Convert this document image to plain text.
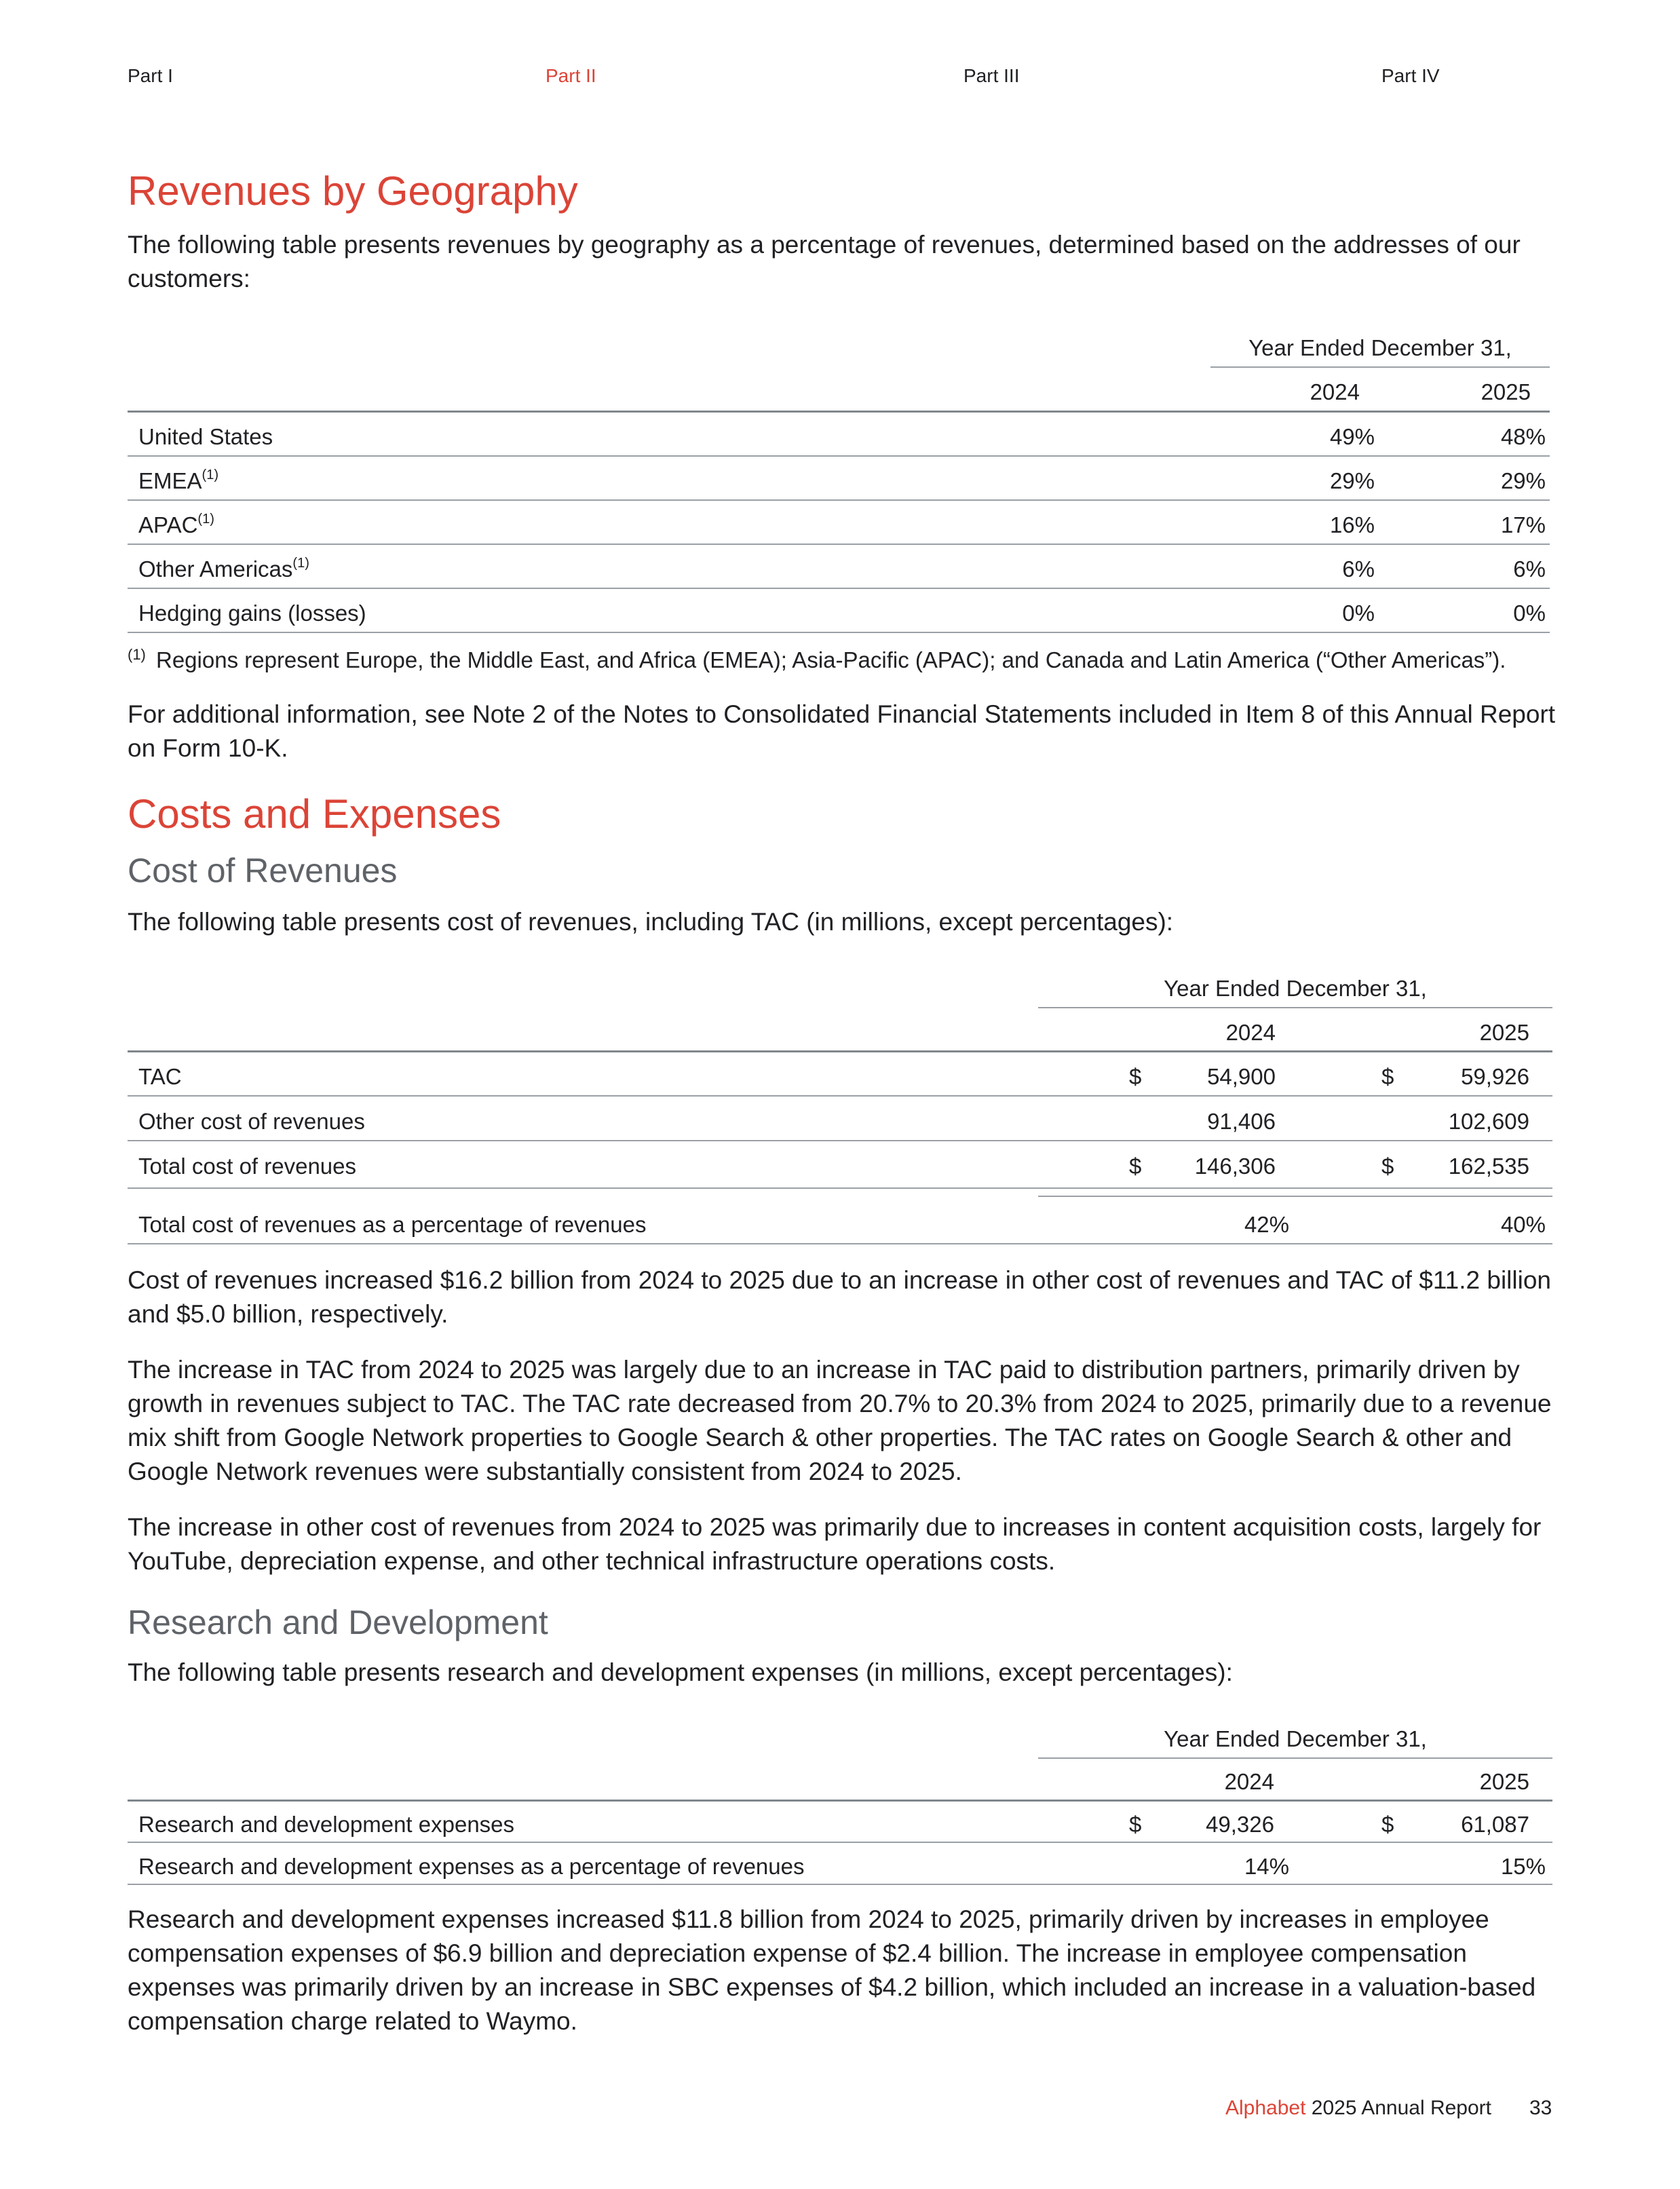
Part I	Part II	Part III	Part IV
Revenues by Geography

The following table presents revenues by geography as a percentage of revenues, determined based on the addresses of our customers:

Year Ended December 31,
2024	2025
United States	49%	48%
EMEA$^{(1)}$	29%	29%
APAC$^{(1)}$	16%	17%
Other Americas$^{(1)}$	6%	6%
Hedging gains (losses)	0%	0%
(1) Regions represent Europe, the Middle East, and Africa (EMEA); Asia-Pacific (APAC); and Canada and Latin America (“Other Americas”).

For additional information, see Note 2 of the Notes to Consolidated Financial Statements included in Item 8 of this Annual Report on Form 10-K.

Costs and Expenses
Cost of Revenues

The following table presents cost of revenues, including TAC (in millions, except percentages):

Year Ended December 31,
2024	2025
TAC	$	54,900	$	59,926
Other cost of revenues	91,406	102,609
Total cost of revenues	$	146,306	$	162,535
Total cost of revenues as a percentage of revenues	42%	40%

Cost of revenues increased $16.2 billion from 2024 to 2025 due to an increase in other cost of revenues and TAC of $11.2 billion and $5.0 billion, respectively.

The increase in TAC from 2024 to 2025 was largely due to an increase in TAC paid to distribution partners, primarily driven by growth in revenues subject to TAC. The TAC rate decreased from 20.7% to 20.3% from 2024 to 2025, primarily due to a revenue mix shift from Google Network properties to Google Search & other properties. The TAC rates on Google Search & other and Google Network revenues were substantially consistent from 2024 to 2025.

The increase in other cost of revenues from 2024 to 2025 was primarily due to increases in content acquisition costs, largely for YouTube, depreciation expense, and other technical infrastructure operations costs.

Research and Development

The following table presents research and development expenses (in millions, except percentages):

Year Ended December 31,
2024	2025
Research and development expenses	$	49,326	$	61,087
Research and development expenses as a percentage of revenues	14%	15%

Research and development expenses increased $11.8 billion from 2024 to 2025, primarily driven by increases in employee compensation expenses of $6.9 billion and depreciation expense of $2.4 billion. The increase in employee compensation expenses was primarily driven by an increase in SBC expenses of $4.2 billion, which included an increase in a valuation-based compensation charge related to Waymo.

Alphabet 2025 Annual Report 33
